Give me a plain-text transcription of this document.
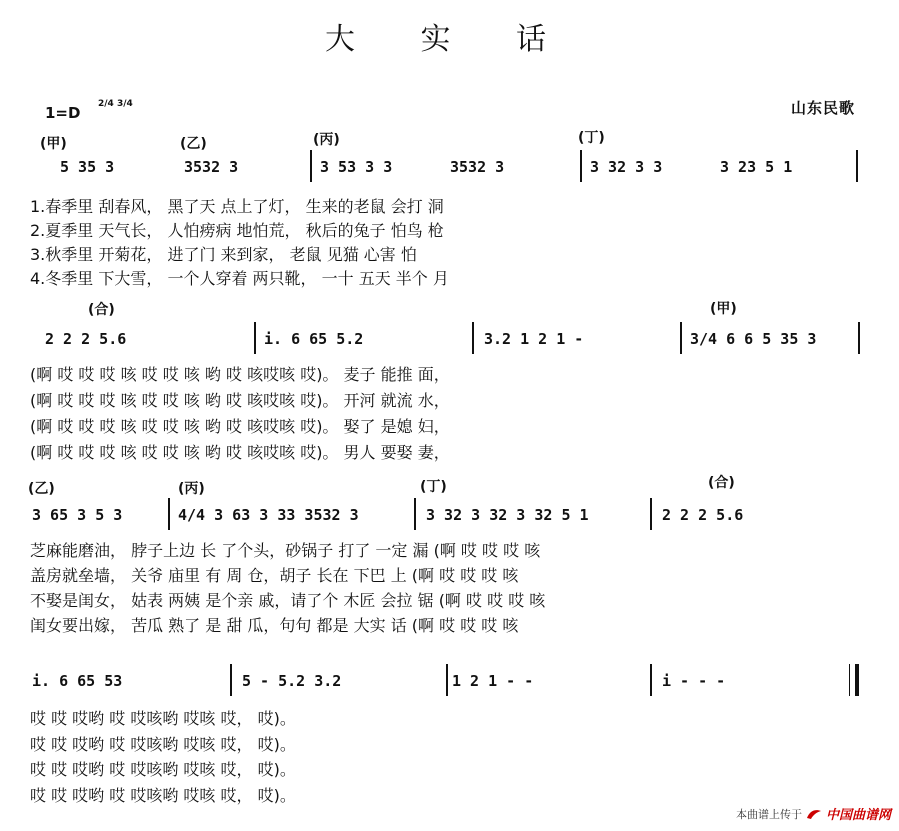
大 实 话
1=D 2/4 3/4	山东民歌
(甲)	(乙)	(丙)	(丁)
5 35 3	3532 3	3 53 3 3	3532 3	3 32 3 3	3 23 5 1
1.春季里 刮春风， 黑了天 点上了灯， 生来的老鼠 会打 洞
2.夏季里 天气长， 人怕痨病 地怕荒， 秋后的兔子 怕鸟 枪
3.秋季里 开菊花， 进了门 来到家， 老鼠 见猫 心害 怕
4.冬季里 下大雪， 一个人穿着 两只靴， 一十 五天 半个 月
(合)	(甲)
2 2 2 5.6	i. 6 65 5.2	3.2 1 2 1 -	3/4 6 6 5 35 3
(啊 哎 哎 哎 咳 哎 哎 咳 哟 哎 咳哎咳 哎)。 麦子 能推 面，
(啊 哎 哎 哎 咳 哎 哎 咳 哟 哎 咳哎咳 哎)。 开河 就流 水，
(啊 哎 哎 哎 咳 哎 哎 咳 哟 哎 咳哎咳 哎)。 娶了 是媳 妇，
(啊 哎 哎 哎 咳 哎 哎 咳 哟 哎 咳哎咳 哎)。 男人 要娶 妻，
(乙)	(丙)	(丁)	(合)
3 65 3 5 3	4/4 3 63 3 33 3532 3	3 32 3 32 3 32 5 1	2 2 2 5.6
芝麻能磨油， 脖子上边 长 了个头，砂锅子 打了 一定 漏 (啊 哎 哎 哎 咳
盖房就垒墙， 关爷 庙里 有 周 仓，胡子 长在 下巴 上 (啊 哎 哎 哎 咳
不娶是闺女， 姑表 两姨 是个亲 戚，请了个 木匠 会拉 锯 (啊 哎 哎 哎 咳
闺女要出嫁， 苦瓜 熟了 是 甜 瓜，句句 都是 大实 话 (啊 哎 哎 哎 咳
i. 6 65 53	5 - 5.2 3.2	1 2 1 - -	i - - -
哎 哎 哎哟 哎 哎咳哟 哎咳 哎， 哎)。
哎 哎 哎哟 哎 哎咳哟 哎咳 哎， 哎)。
哎 哎 哎哟 哎 哎咳哟 哎咳 哎， 哎)。
哎 哎 哎哟 哎 哎咳哟 哎咳 哎， 哎)。
本曲谱上传于 中国曲谱网
